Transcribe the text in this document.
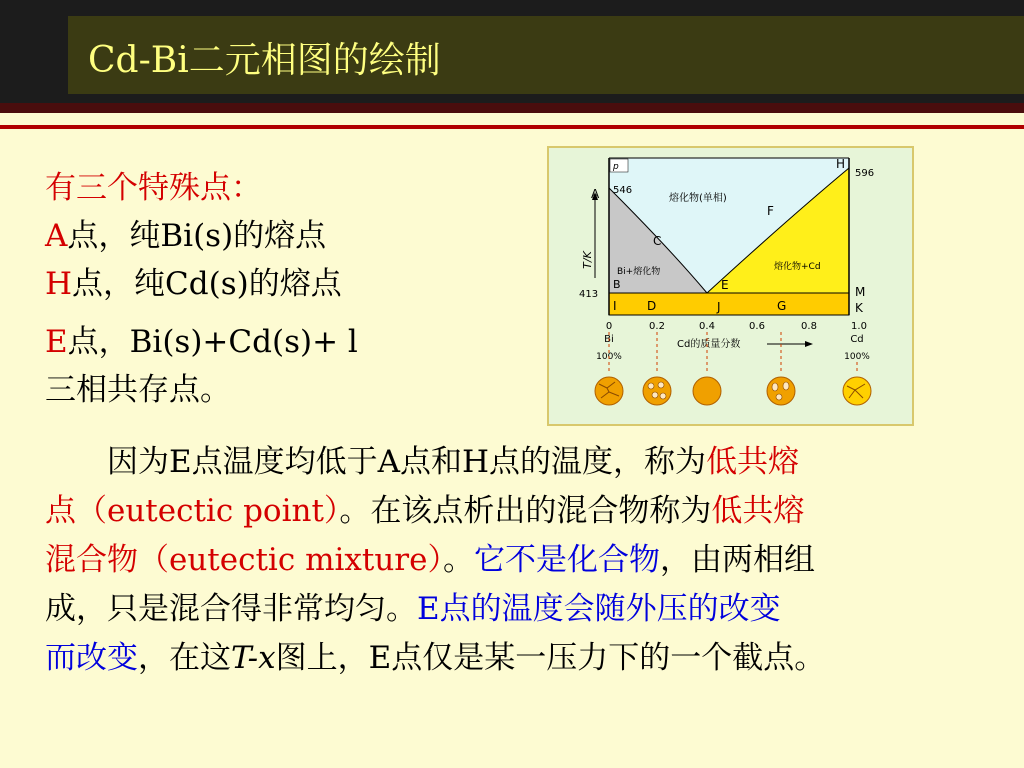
Cd-Bi二元相图的绘制
有三个特殊点：
A点，纯Bi(s)的熔点
H点，纯Cd(s)的熔点
E点，Bi(s)+Cd(s)+ l
三相共存点。
T/K
p
A 546
H
596
熔化物(单相)
F
C
Bi+熔化物	熔化物+Cd
B	E
413	M
K
I	D	J	G
0	0.2	0.4	0.6	0.8	1.0
Bi
100%
Cd
100%
Cd的质量分数
因为E点温度均低于A点和H点的温度，称为低共熔
点（eutectic point）。在该点析出的混合物称为低共熔
混合物（eutectic mixture）。它不是化合物，由两相组
成，只是混合得非常均匀。E点的温度会随外压的改变
而改变，在这T-x图上，E点仅是某一压力下的一个截点。
